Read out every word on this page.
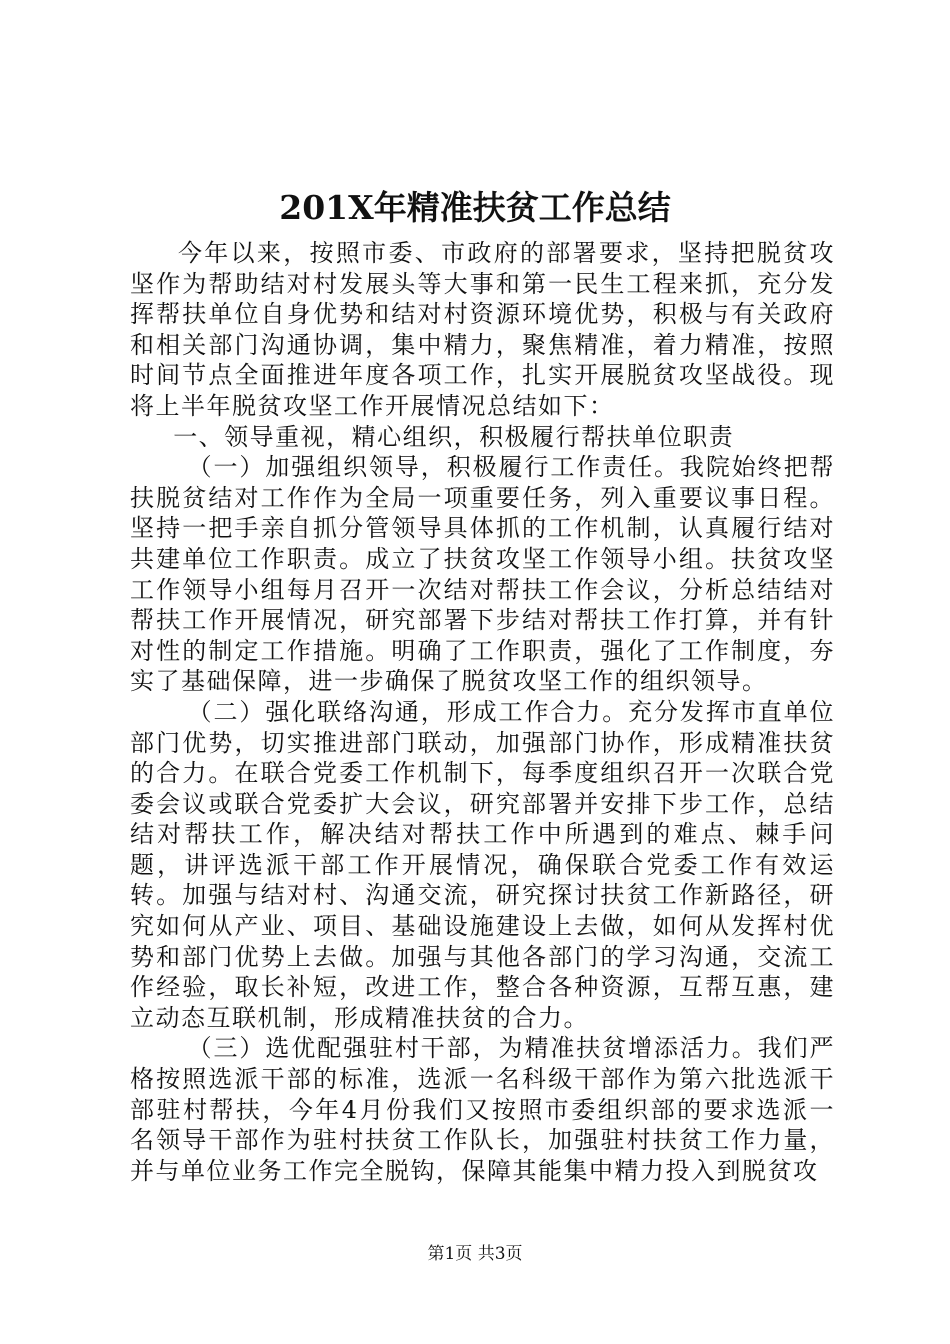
201X年精准扶贫工作总结

今年以来，按照市委、市政府的部署要求，坚持把脱贫攻坚作为帮助结对村发展头等大事和第一民生工程来抓，充分发挥帮扶单位自身优势和结对村资源环境优势，积极与有关政府和相关部门沟通协调，集中精力，聚焦精准，着力精准，按照时间节点全面推进年度各项工作，扎实开展脱贫攻坚战役。现将上半年脱贫攻坚工作开展情况总结如下：

一、领导重视，精心组织，积极履行帮扶单位职责

（一）加强组织领导，积极履行工作责任。我院始终把帮扶脱贫结对工作作为全局一项重要任务，列入重要议事日程。坚持一把手亲自抓分管领导具体抓的工作机制，认真履行结对共建单位工作职责。成立了扶贫攻坚工作领导小组。扶贫攻坚工作领导小组每月召开一次结对帮扶工作会议，分析总结结对帮扶工作开展情况，研究部署下步结对帮扶工作打算，并有针对性的制定工作措施。明确了工作职责，强化了工作制度，夯实了基础保障，进一步确保了脱贫攻坚工作的组织领导。

（二）强化联络沟通，形成工作合力。充分发挥市直单位部门优势，切实推进部门联动，加强部门协作，形成精准扶贫的合力。在联合党委工作机制下，每季度组织召开一次联合党委会议或联合党委扩大会议，研究部署并安排下步工作，总结结对帮扶工作，解决结对帮扶工作中所遇到的难点、棘手问题，讲评选派干部工作开展情况，确保联合党委工作有效运转。加强与结对村、沟通交流，研究探讨扶贫工作新路径，研究如何从产业、项目、基础设施建设上去做，如何从发挥村优势和部门优势上去做。加强与其他各部门的学习沟通，交流工作经验，取长补短，改进工作，整合各种资源，互帮互惠，建立动态互联机制，形成精准扶贫的合力。

（三）选优配强驻村干部，为精准扶贫增添活力。我们严格按照选派干部的标准，选派一名科级干部作为第六批选派干部驻村帮扶，今年4月份我们又按照市委组织部的要求选派一名领导干部作为驻村扶贫工作队长，加强驻村扶贫工作力量，并与单位业务工作完全脱钩，保障其能集中精力投入到脱贫攻

第1页 共3页
